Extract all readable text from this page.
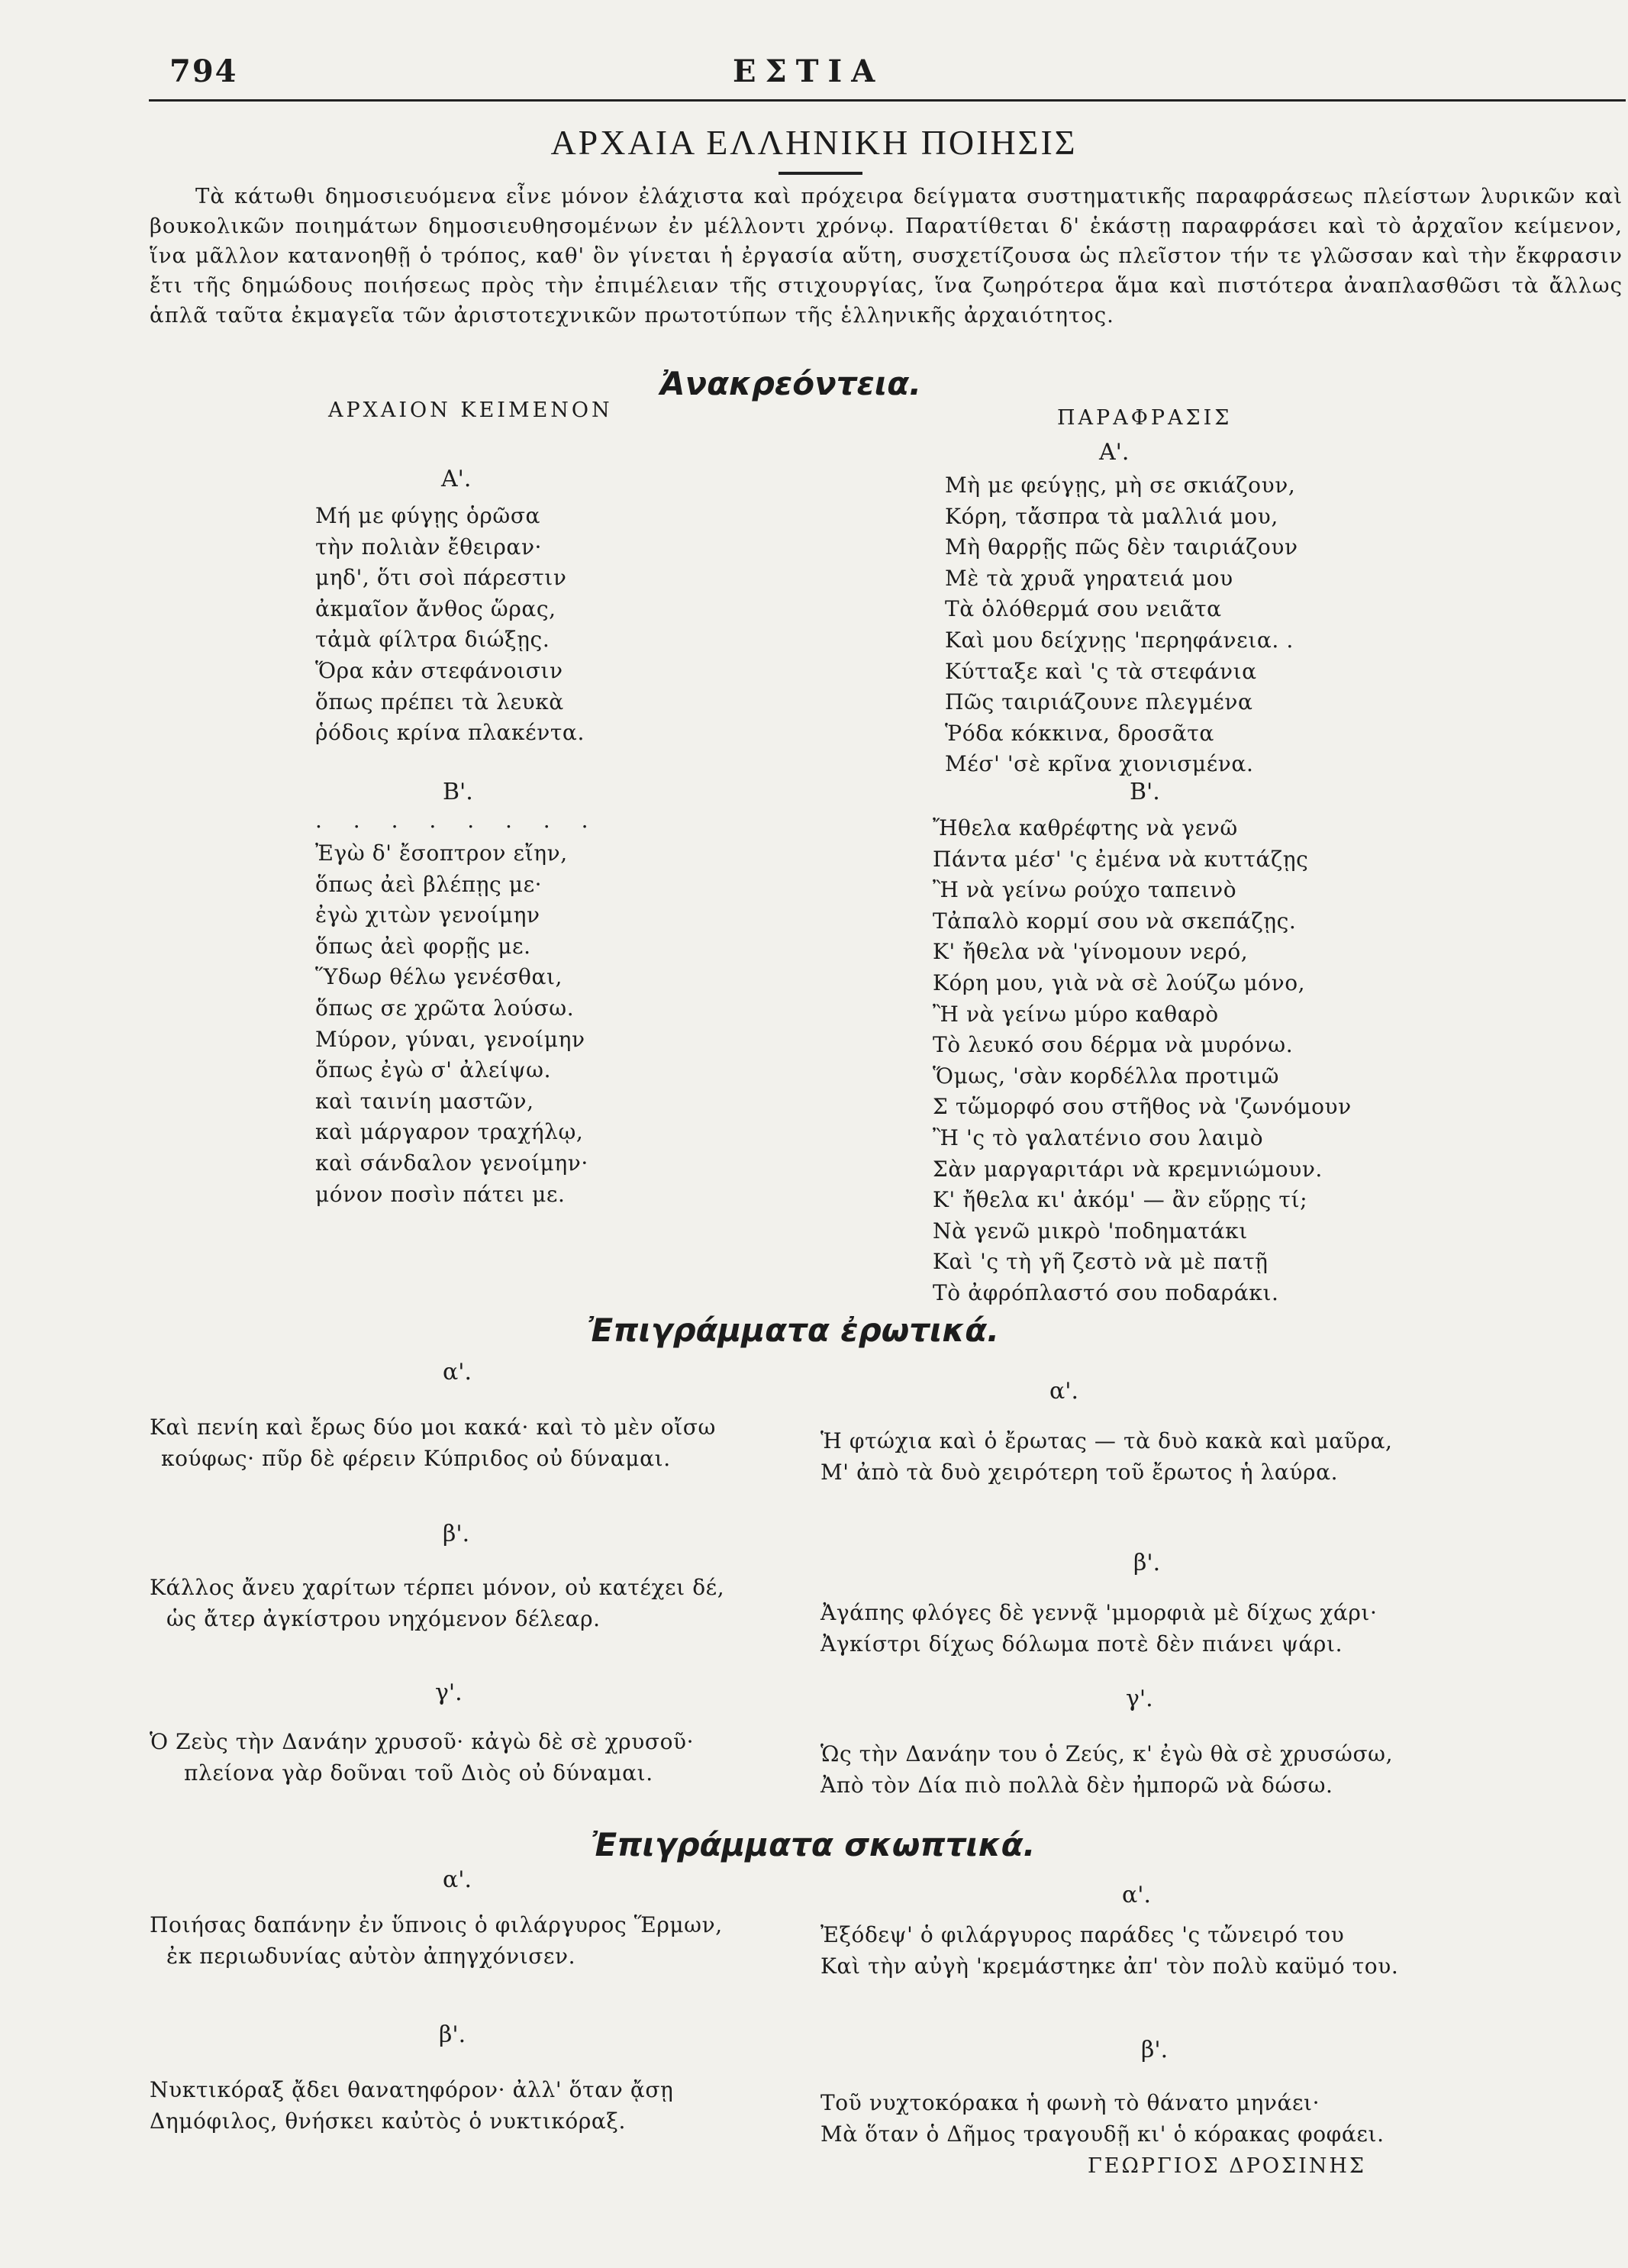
794	ΕΣΤΙΑ
ΑΡΧΑΙΑ ΕΛΛΗΝΙΚΗ ΠΟΙΗΣΙΣ
Τὰ κάτωθι δημοσιευόμενα εἶνε μόνον ἐλάχιστα καὶ πρόχειρα δείγματα συστηματικῆς παραφράσεως πλείστων λυρικῶν καὶ βουκολικῶν ποιημάτων δημοσιευθησομένων ἐν μέλλοντι χρόνῳ. Παρατίθεται δ' ἑκάστῃ παραφράσει καὶ τὸ ἀρχαῖον κείμενον, ἵνα μᾶλλον κατανοηθῇ ὁ τρόπος, καθ' ὃν γίνεται ἡ ἐργασία αὕτη, συσχετίζουσα ὡς πλεῖστον τήν τε γλῶσσαν καὶ τὴν ἔκφρασιν ἔτι τῆς δημώδους ποιήσεως πρὸς τὴν ἐπιμέλειαν τῆς στιχουργίας, ἵνα ζωηρότερα ἅμα καὶ πιστότερα ἀναπλασθῶσι τὰ ἄλλως ἁπλᾶ ταῦτα ἐκμαγεῖα τῶν ἀριστοτεχνικῶν πρωτοτύπων τῆς ἑλληνικῆς ἀρχαιότητος.
Ἀνακρεόντεια.
ΑΡΧΑΙΟΝ ΚΕΙΜΕΝΟΝ	ΠΑΡΑΦΡΑΣΙΣ
Α'.
Α'.
Μή με φύγῃς ὁρῶσα
τὴν πολιὰν ἔθειραν·
μηδ', ὅτι σοὶ πάρεστιν
ἀκμαῖον ἄνθος ὥρας,
τἀμὰ φίλτρα διώξῃς.
Ὅρα κἀν στεφάνοισιν
ὅπως πρέπει τὰ λευκὰ
ῥόδοις κρίνα πλακέντα.
Μὴ με φεύγῃς, μὴ σε σκιάζουν,
Κόρη, τἄσπρα τὰ μαλλιά μου,
Μὴ θαρρῇς πῶς δὲν ταιριάζουν
Μὲ τὰ χρυᾶ γηρατειά μου
Τὰ ὁλόθερμά σου νειᾶτα
Καὶ μου δείχνῃς 'περηφάνεια. .
Κύτταξε καὶ 'ς τὰ στεφάνια
Πῶς ταιριάζουνε πλεγμένα
Ῥόδα κόκκινα, δροσᾶτα
Μέσ' 'σὲ κρῖνα χιονισμένα.
Β'.
. . . . . . . .
Β'.
Ἐγὼ δ' ἔσοπτρον εἴην,
ὅπως ἀεὶ βλέπῃς με·
ἐγὼ χιτὼν γενοίμην
ὅπως ἀεὶ φορῇς με.
Ὕδωρ θέλω γενέσθαι,
ὅπως σε χρῶτα λούσω.
Μύρον, γύναι, γενοίμην
ὅπως ἐγὼ σ' ἀλείψω.
καὶ ταινίη μαστῶν,
καὶ μάργαρον τραχήλῳ,
καὶ σάνδαλον γενοίμην·
μόνον ποσὶν πάτει με.
Ἤθελα καθρέφτης νὰ γενῶ
Πάντα μέσ' 'ς ἐμένα νὰ κυττάζῃς
Ἢ νὰ γείνω ρούχο ταπεινὸ
Τἀπαλὸ κορμί σου νὰ σκεπάζῃς.
Κ' ἤθελα νὰ 'γίνομουν νερό,
Κόρη μου, γιὰ νὰ σὲ λούζω μόνο,
Ἢ νὰ γείνω μύρο καθαρὸ
Τὸ λευκό σου δέρμα νὰ μυρόνω.
Ὅμως, 'σὰν κορδέλλα προτιμῶ
Σ τὥμορφό σου στῆθος νὰ 'ζωνόμουν
Ἢ 'ς τὸ γαλατένιο σου λαιμὸ
Σὰν μαργαριτάρι νὰ κρεμνιώμουν.
Κ' ἤθελα κι' ἀκόμ' — ἂν εὕρῃς τί;
Νὰ γενῶ μικρὸ 'ποδηματάκι
Καὶ 'ς τὴ γῆ ζεστὸ νὰ μὲ πατῇ
Τὸ ἀφρόπλαστό σου ποδαράκι.
Ἐπιγράμματα ἐρωτικά.
α'.
α'.
Καὶ πενίη καὶ ἔρως δύο μοι κακά· καὶ τὸ μὲν οἴσω
κούφως· πῦρ δὲ φέρειν Κύπριδος οὐ δύναμαι.
Ἡ φτώχια καὶ ὁ ἔρωτας — τὰ δυὸ κακὰ καὶ μαῦρα,
Μ' ἀπὸ τὰ δυὸ χειρότερη τοῦ ἔρωτος ἡ λαύρα.
β'.
β'.
Κάλλος ἄνευ χαρίτων τέρπει μόνον, οὐ κατέχει δέ,
ὡς ἄτερ ἀγκίστρου νηχόμενον δέλεαρ.	Ἀγάπης φλόγες δὲ γεννᾷ 'μμορφιὰ μὲ δίχως χάρι·
Ἀγκίστρι δίχως δόλωμα ποτὲ δὲν πιάνει ψάρι.
γ'.	γ'.
Ὁ Ζεὺς τὴν Δανάην χρυσοῦ· κἀγὼ δὲ σὲ χρυσοῦ·
πλείονα γὰρ δοῦναι τοῦ Διὸς οὐ δύναμαι.
Ὡς τὴν Δανάην του ὁ Ζεύς, κ' ἐγὼ θὰ σὲ χρυσώσω,
Ἀπὸ τὸν Δία πιὸ πολλὰ δὲν ἠμπορῶ νὰ δώσω.
Ἐπιγράμματα σκωπτικά.
α'.
α'.
Ποιήσας δαπάνην ἐν ὕπνοις ὁ φιλάργυρος Ἕρμων,
ἐκ περιωδυνίας αὐτὸν ἀπηγχόνισεν.
Ἐξόδεψ' ὁ φιλάργυρος παράδες 'ς τὤνειρό του
Καὶ τὴν αὐγὴ 'κρεμάστηκε ἀπ' τὸν πολὺ καϋμό του.
β'.
β'.
Νυκτικόραξ ᾄδει θανατηφόρον· ἀλλ' ὅταν ᾄσῃ
Δημόφιλος, θνήσκει καὐτὸς ὁ νυκτικόραξ.
Τοῦ νυχτοκόρακα ἡ φωνὴ τὸ θάνατο μηνάει·
Μὰ ὅταν ὁ Δῆμος τραγουδῇ κι' ὁ κόρακας φοφάει.
ΓΕΩΡΓΙΟΣ ΔΡΟΣΙΝΗΣ
